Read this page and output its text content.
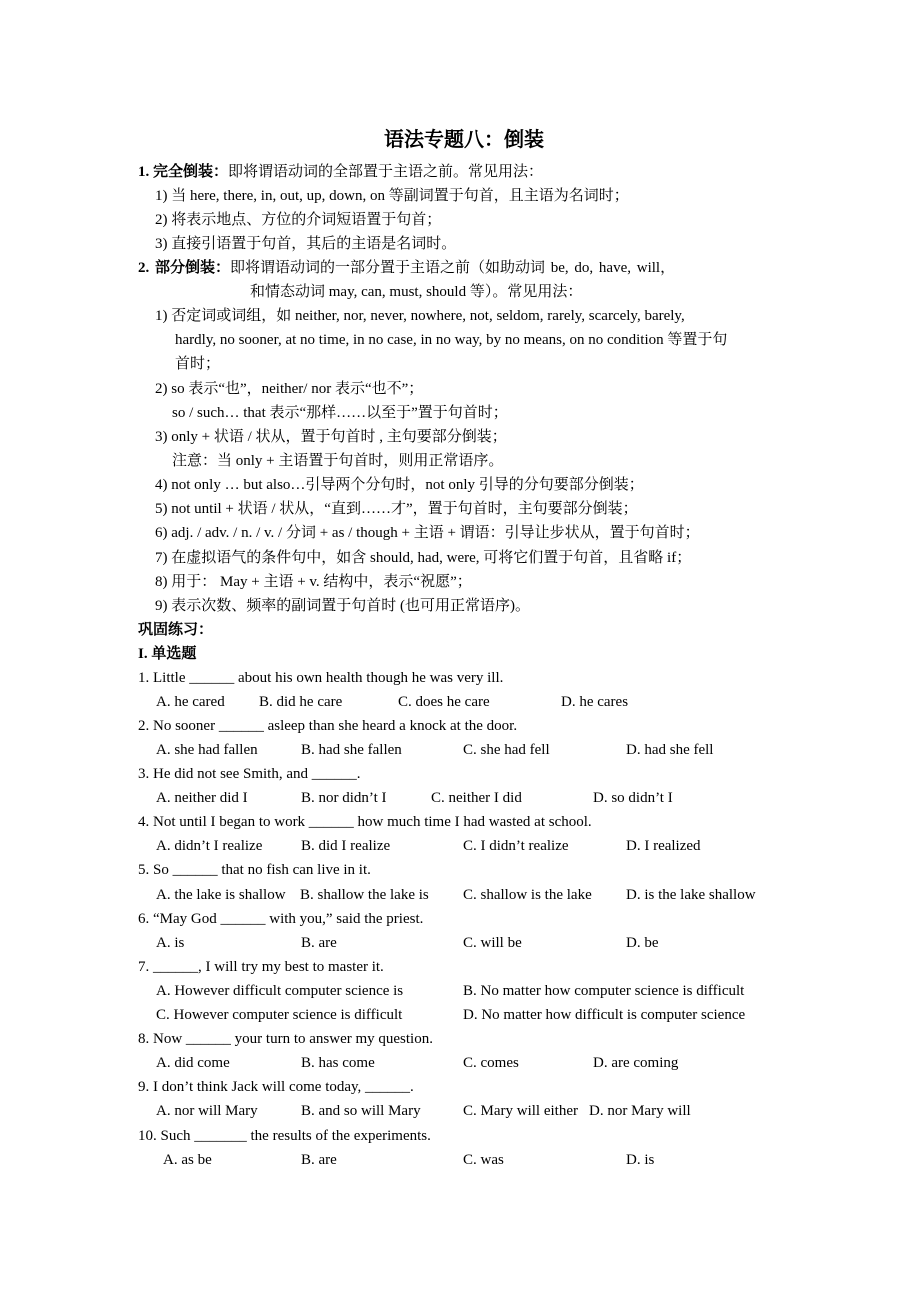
语法专题八：倒装
1. 完全倒装：即将谓语动词的全部置于主语之前。常见用法：
1) 当 here, there, in, out, up, down, on 等副词置于句首，且主语为名词时；
2) 将表示地点、方位的介词短语置于句首；
3) 直接引语置于句首，其后的主语是名词时。
2. 部分倒装：即将谓语动词的一部分置于主语之前（如助动词 be, do, have, will，
和情态动词 may, can, must, should 等）。常见用法：
1) 否定词或词组，如 neither, nor, never, nowhere, not, seldom, rarely, scarcely, barely,
hardly, no sooner, at no time, in no case, in no way, by no means, on no condition 等置于句
首时；
2) so 表示“也”，neither/ nor 表示“也不”；
so / such… that 表示“那样……以至于”置于句首时；
3) only + 状语 / 状从，置于句首时 , 主句要部分倒装；
注意：当 only + 主语置于句首时，则用正常语序。
4) not only … but also…引导两个分句时，not only 引导的分句要部分倒装；
5) not until + 状语 / 状从，“直到……才”，置于句首时，主句要部分倒装；
6) adj. / adv. / n. / v. / 分词 + as / though + 主语 + 谓语：引导让步状从，置于句首时；
7) 在虚拟语气的条件句中，如含 should, had, were, 可将它们置于句首，且省略 if；
8) 用于： May + 主语 + v. 结构中，表示“祝愿”；
9) 表示次数、频率的副词置于句首时 (也可用正常语序)。
巩固练习：
I. 单选题
1. Little ______ about his own health though he was very ill.
A. he cared B. did he care	C. does he care	D. he cares
2. No sooner ______ asleep than she heard a knock at the door.
A. she had fallen	B. had she fallen	C. she had fell	D. had she fell
3. He did not see Smith, and ______.
A. neither did I	B. nor didn’t I	C. neither I did	D. so didn’t I
4. Not until I began to work ______ how much time I had wasted at school.
A. didn’t I realize	B. did I realize	C. I didn’t realize	D. I realized
5. So ______ that no fish can live in it.
A. the lake is shallow B. shallow the lake is C. shallow is the lake D. is the lake shallow
6. “May God ______ with you,” said the priest.
A. is	B. are	C. will be	D. be
7. ______, I will try my best to master it.
A. However difficult computer science is	B. No matter how computer science is difficult
C. However computer science is difficult	D. No matter how difficult is computer science
8. Now ______ your turn to answer my question.
A. did come	B. has come	C. comes	D. are coming
9. I don’t think Jack will come today, ______.
A. nor will Mary	B. and so will Mary	C. Mary will either D. nor Mary will
10. Such _______ the results of the experiments.
A. as be	B. are	C. was	D. is
